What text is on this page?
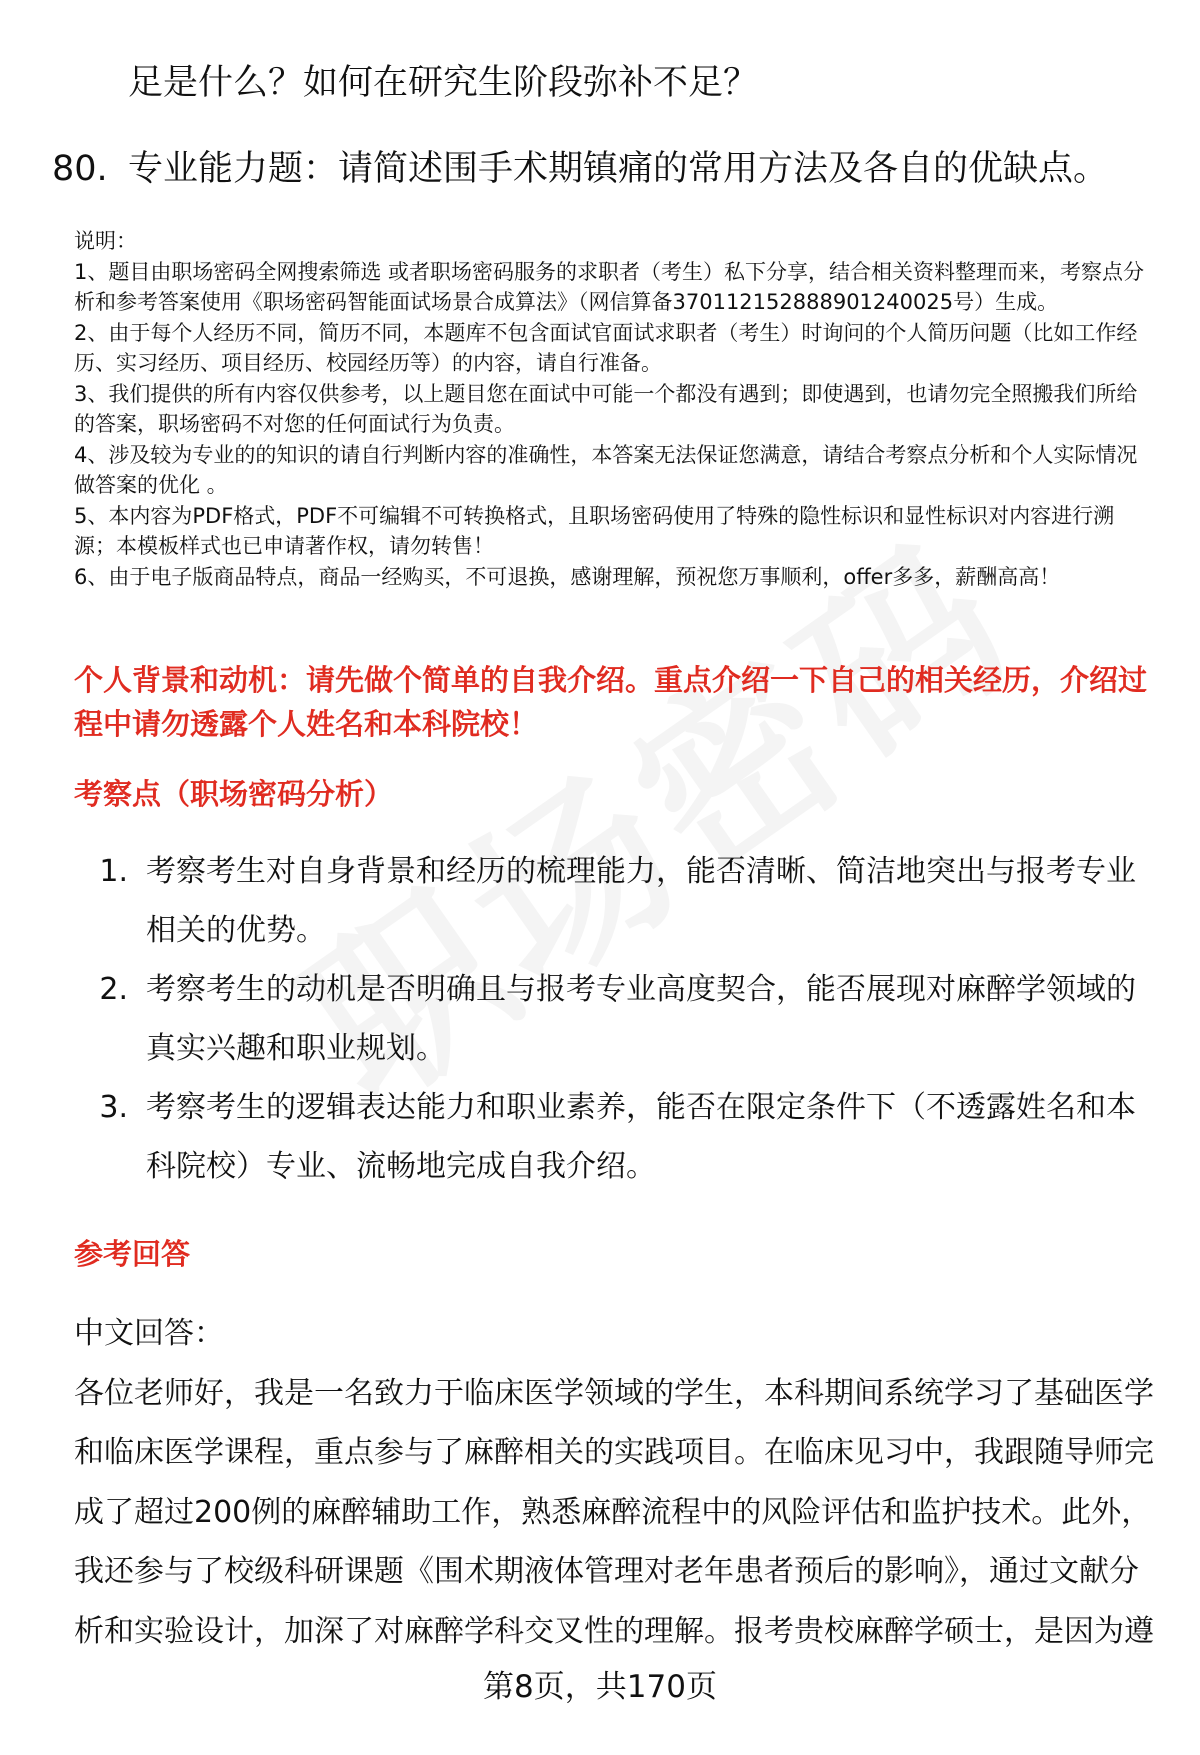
足是什么？如何在研究生阶段弥补不足？

80. 专业能力题：请简述围手术期镇痛的常用方法及各自的优缺点。

说明：

1、题目由职场密码全网搜索筛选 或者职场密码服务的求职者（考生）私下分享，结合相关资料整理而来，考察点分析和参考答案使用《职场密码智能面试场景合成算法》（网信算备370112152888901240025号）生成。

2、由于每个人经历不同，简历不同，本题库不包含面试官面试求职者（考生）时询问的个人简历问题（比如工作经历、实习经历、项目经历、校园经历等）的内容，请自行准备。

3、我们提供的所有内容仅供参考，以上题目您在面试中可能一个都没有遇到；即使遇到，也请勿完全照搬我们所给的答案，职场密码不对您的任何面试行为负责。

4、涉及较为专业的的知识的请自行判断内容的准确性，本答案无法保证您满意，请结合考察点分析和个人实际情况做答案的优化 。

5、本内容为PDF格式，PDF不可编辑不可转换格式，且职场密码使用了特殊的隐性标识和显性标识对内容进行溯源；本模板样式也已申请著作权，请勿转售！

6、由于电子版商品特点，商品一经购买，不可退换，感谢理解，预祝您万事顺利，offer多多，薪酬高高！

个人背景和动机：请先做个简单的自我介绍。重点介绍一下自己的相关经历，介绍过程中请勿透露个人姓名和本科院校！

考察点（职场密码分析）

1. 考察考生对自身背景和经历的梳理能力，能否清晰、简洁地突出与报考专业相关的优势。
2. 考察考生的动机是否明确且与报考专业高度契合，能否展现对麻醉学领域的真实兴趣和职业规划。
3. 考察考生的逻辑表达能力和职业素养，能否在限定条件下（不透露姓名和本科院校）专业、流畅地完成自我介绍。

参考回答

中文回答：

各位老师好，我是一名致力于临床医学领域的学生，本科期间系统学习了基础医学和临床医学课程，重点参与了麻醉相关的实践项目。在临床见习中，我跟随导师完成了超过200例的麻醉辅助工作，熟悉麻醉流程中的风险评估和监护技术。此外，我还参与了校级科研课题《围术期液体管理对老年患者预后的影响》，通过文献分析和实验设计，加深了对麻醉学科交叉性的理解。报考贵校麻醉学硕士，是因为遵

第8页，共170页
